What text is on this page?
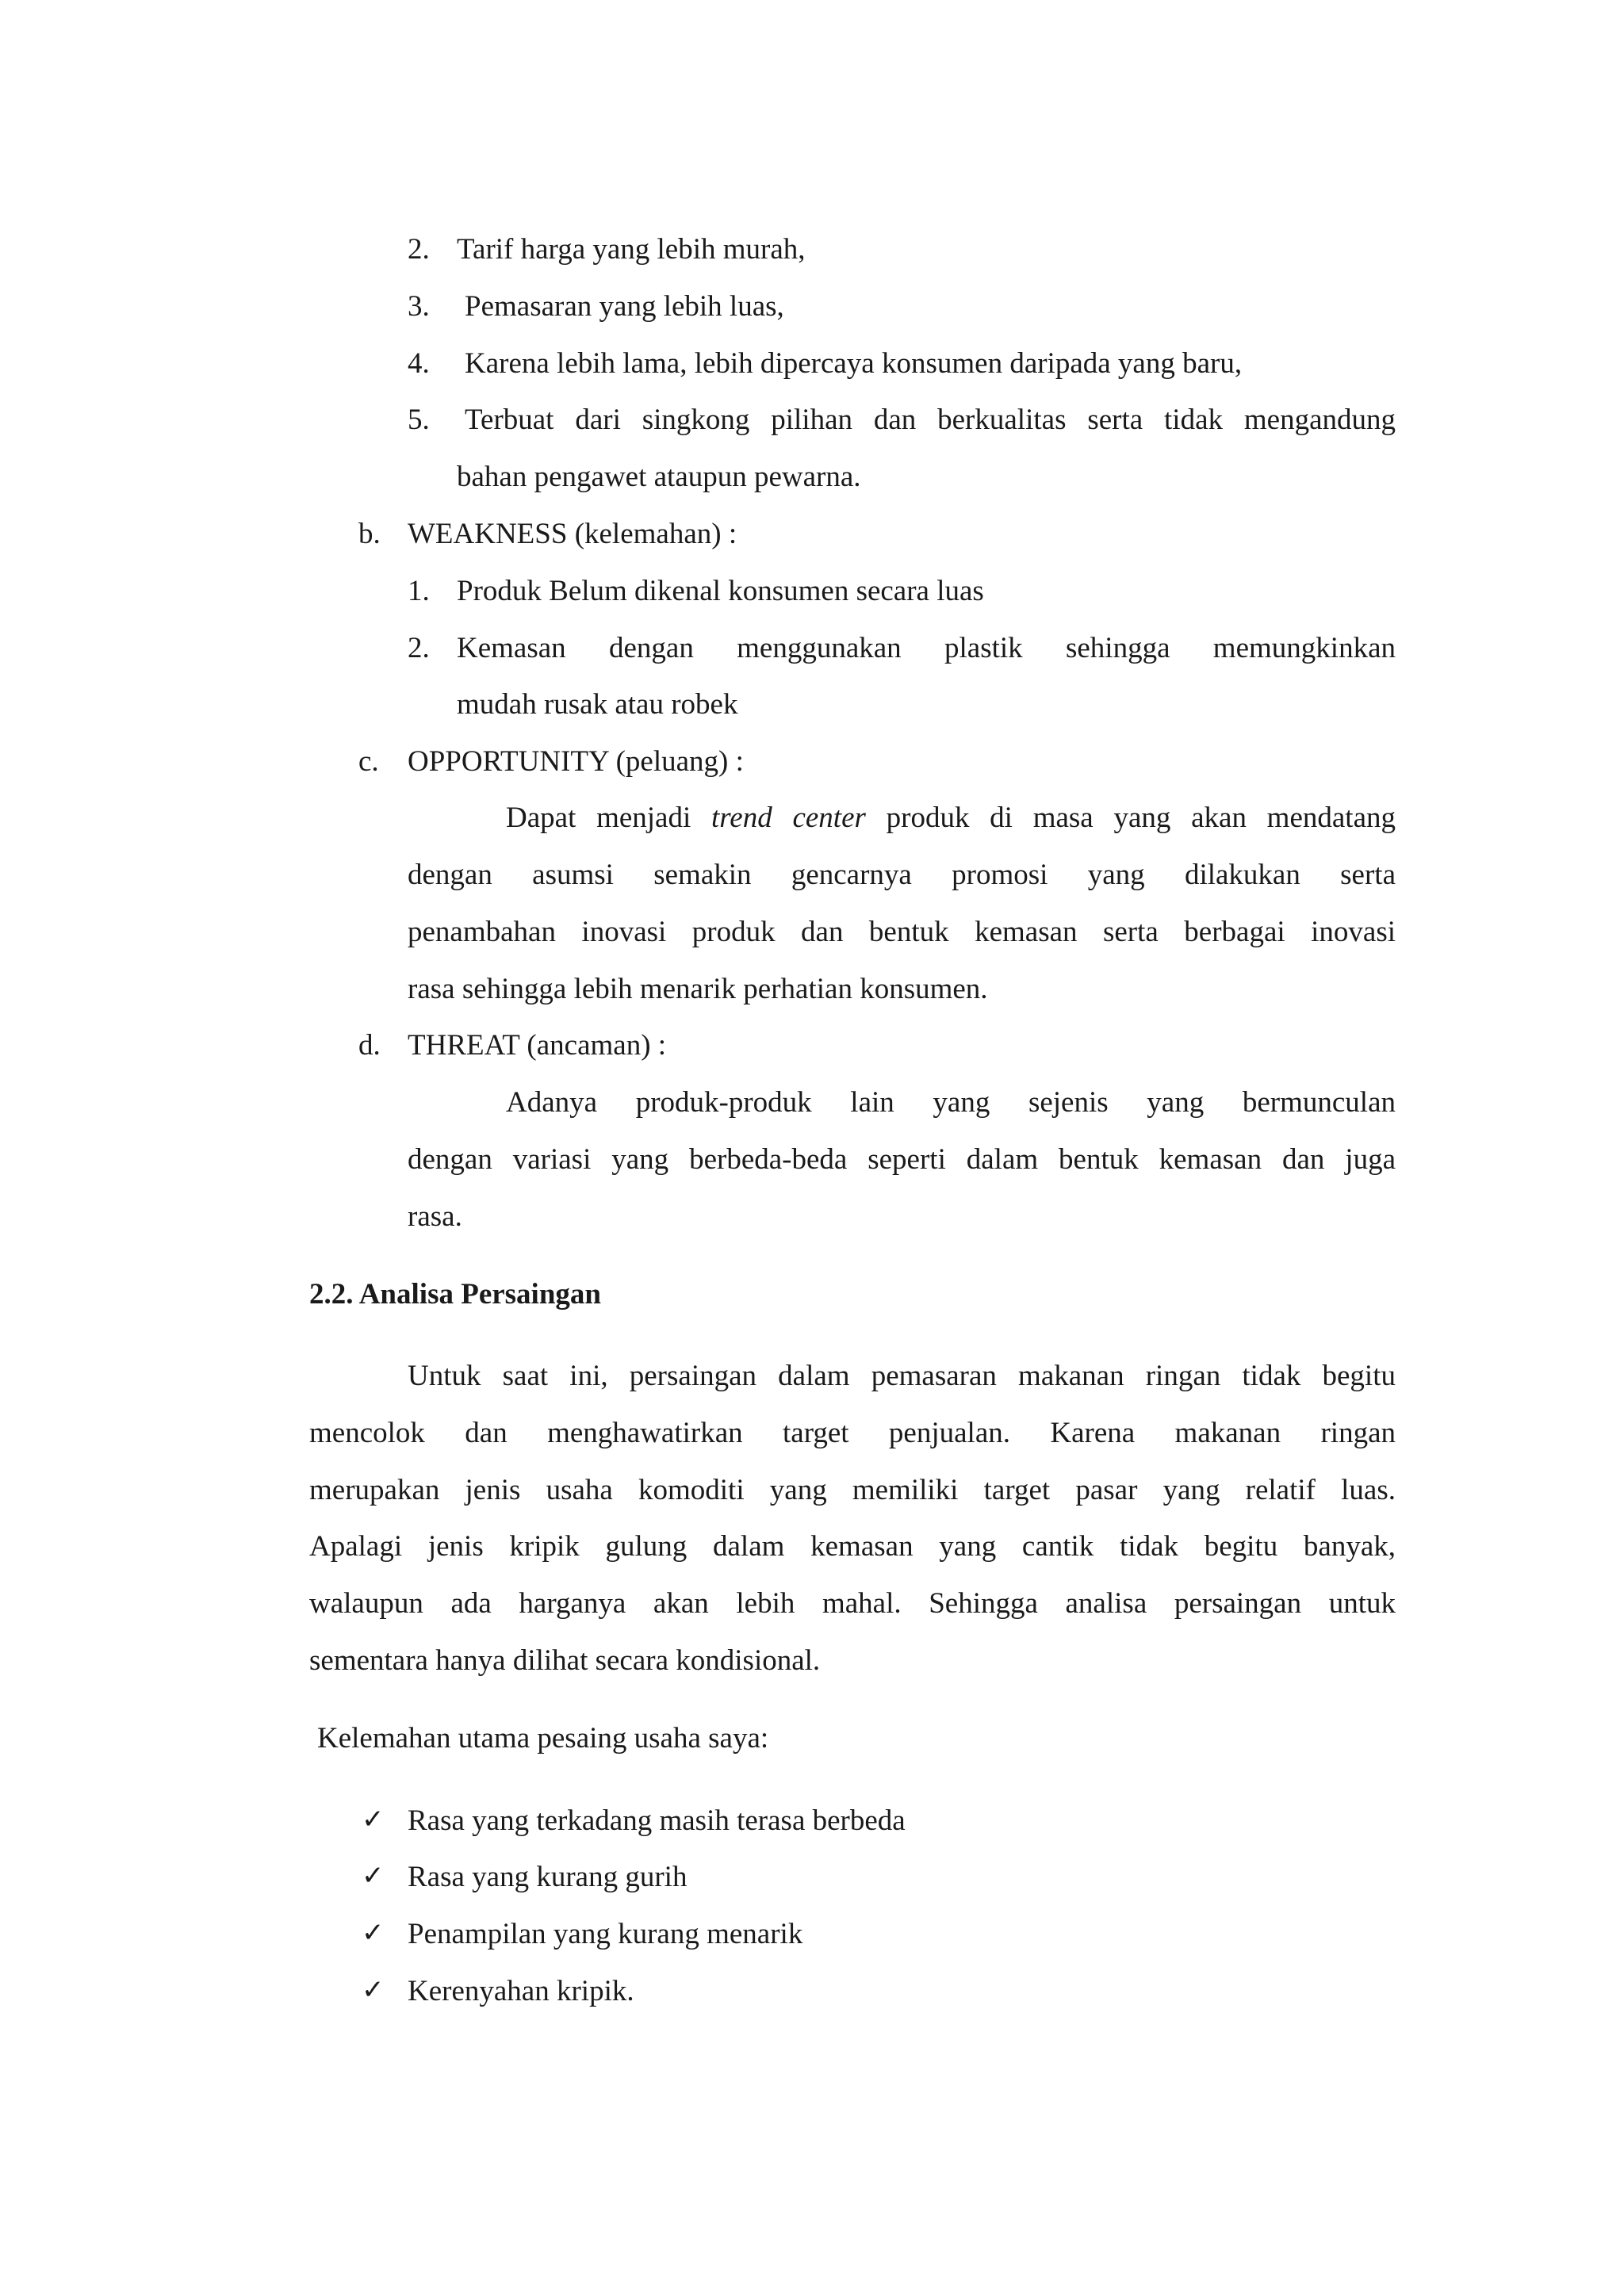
2. Tarif harga yang lebih murah,
3. Pemasaran yang lebih luas,
4. Karena lebih lama, lebih dipercaya konsumen daripada yang baru,
5. Terbuat dari singkong pilihan dan berkualitas serta tidak mengandung
bahan pengawet ataupun pewarna.
b. WEAKNESS (kelemahan) :
1. Produk Belum dikenal konsumen secara luas
2. Kemasan dengan menggunakan plastik sehingga memungkinkan
mudah rusak atau robek
c. OPPORTUNITY (peluang) :
Dapat menjadi trend center produk di masa yang akan mendatang
dengan asumsi semakin gencarnya promosi yang dilakukan serta
penambahan inovasi produk dan bentuk kemasan serta berbagai inovasi
rasa sehingga lebih menarik perhatian konsumen.
d. THREAT (ancaman) :
Adanya produk-produk lain yang sejenis yang bermunculan
dengan variasi yang berbeda-beda seperti dalam bentuk kemasan dan juga
rasa.
2.2. Analisa Persaingan
Untuk saat ini, persaingan dalam pemasaran makanan ringan tidak begitu
mencolok dan menghawatirkan target penjualan. Karena makanan ringan
merupakan jenis usaha komoditi yang memiliki target pasar yang relatif luas.
Apalagi jenis kripik gulung dalam kemasan yang cantik tidak begitu banyak,
walaupun ada harganya akan lebih mahal. Sehingga analisa persaingan untuk
sementara hanya dilihat secara kondisional.
Kelemahan utama pesaing usaha saya:
✓ Rasa yang terkadang masih terasa berbeda
✓ Rasa yang kurang gurih
✓ Penampilan yang kurang menarik
✓ Kerenyahan kripik.
